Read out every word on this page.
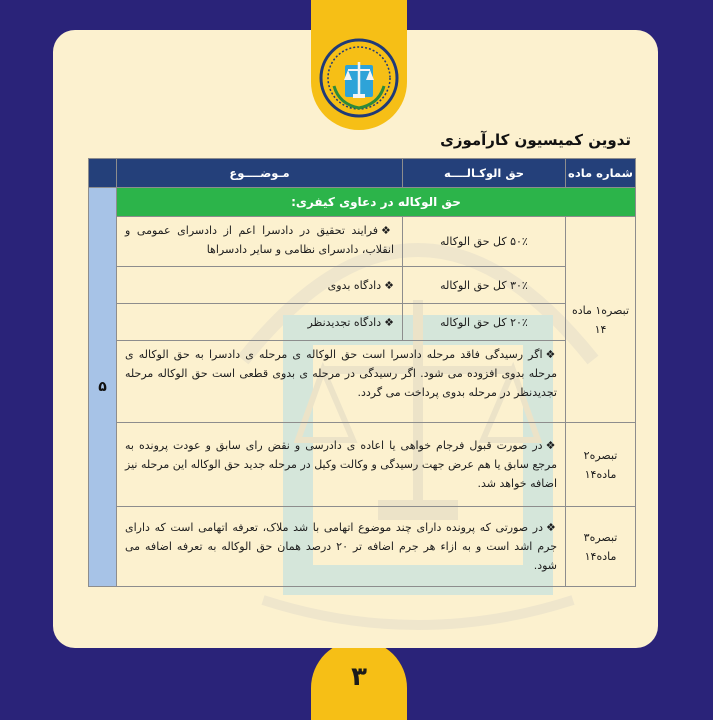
۳
تدوین کمیسیون کارآموزی
شماره ماده	حق الوکـالــــه	مـوضــــوع	
حق الوکاله در دعاوی کیفری:			۵
تبصره۱ ماده
۱۴	۵۰٪ کل حق الوکاله	❖فرایند تحقیق در دادسرا اعم از دادسرای عمومی و انقلاب، دادسرای نظامی و سایر دادسراها	
	۳۰٪ کل حق الوکاله	❖دادگاه بدوی	
	۲۰٪ کل حق الوکاله	❖دادگاه تجدیدنظر	
	❖اگر رسیدگی فاقد مرحله دادسرا است حق الوکاله ی مرحله ی دادسرا به حق الوکاله ی مرحله بدوی افزوده می شود. اگر رسیدگی در مرحله ی بدوی قطعی است حق الوکاله مرحله تجدیدنظر در مرحله بدوی پرداخت می گردد.		
تبصره۲
ماده۱۴	❖در صورت قبول فرجام خواهی یا اعاده ی دادرسی و نقض رای سابق و عودت پرونده به مرجع سابق یا هم عرض جهت رسیدگی و وکالت وکیل در مرحله جدید حق الوکاله این مرحله نیز اضافه خواهد شد.		
تبصره۳
ماده۱۴	❖در صورتی که پرونده دارای چند موضوع اتهامی با شد ملاک، تعرفه اتهامی است که دارای جرم اشد است و به ازاء هر جرم اضافه تر ۲۰ درصد همان حق الوکاله به تعرفه اضافه می شود.		
